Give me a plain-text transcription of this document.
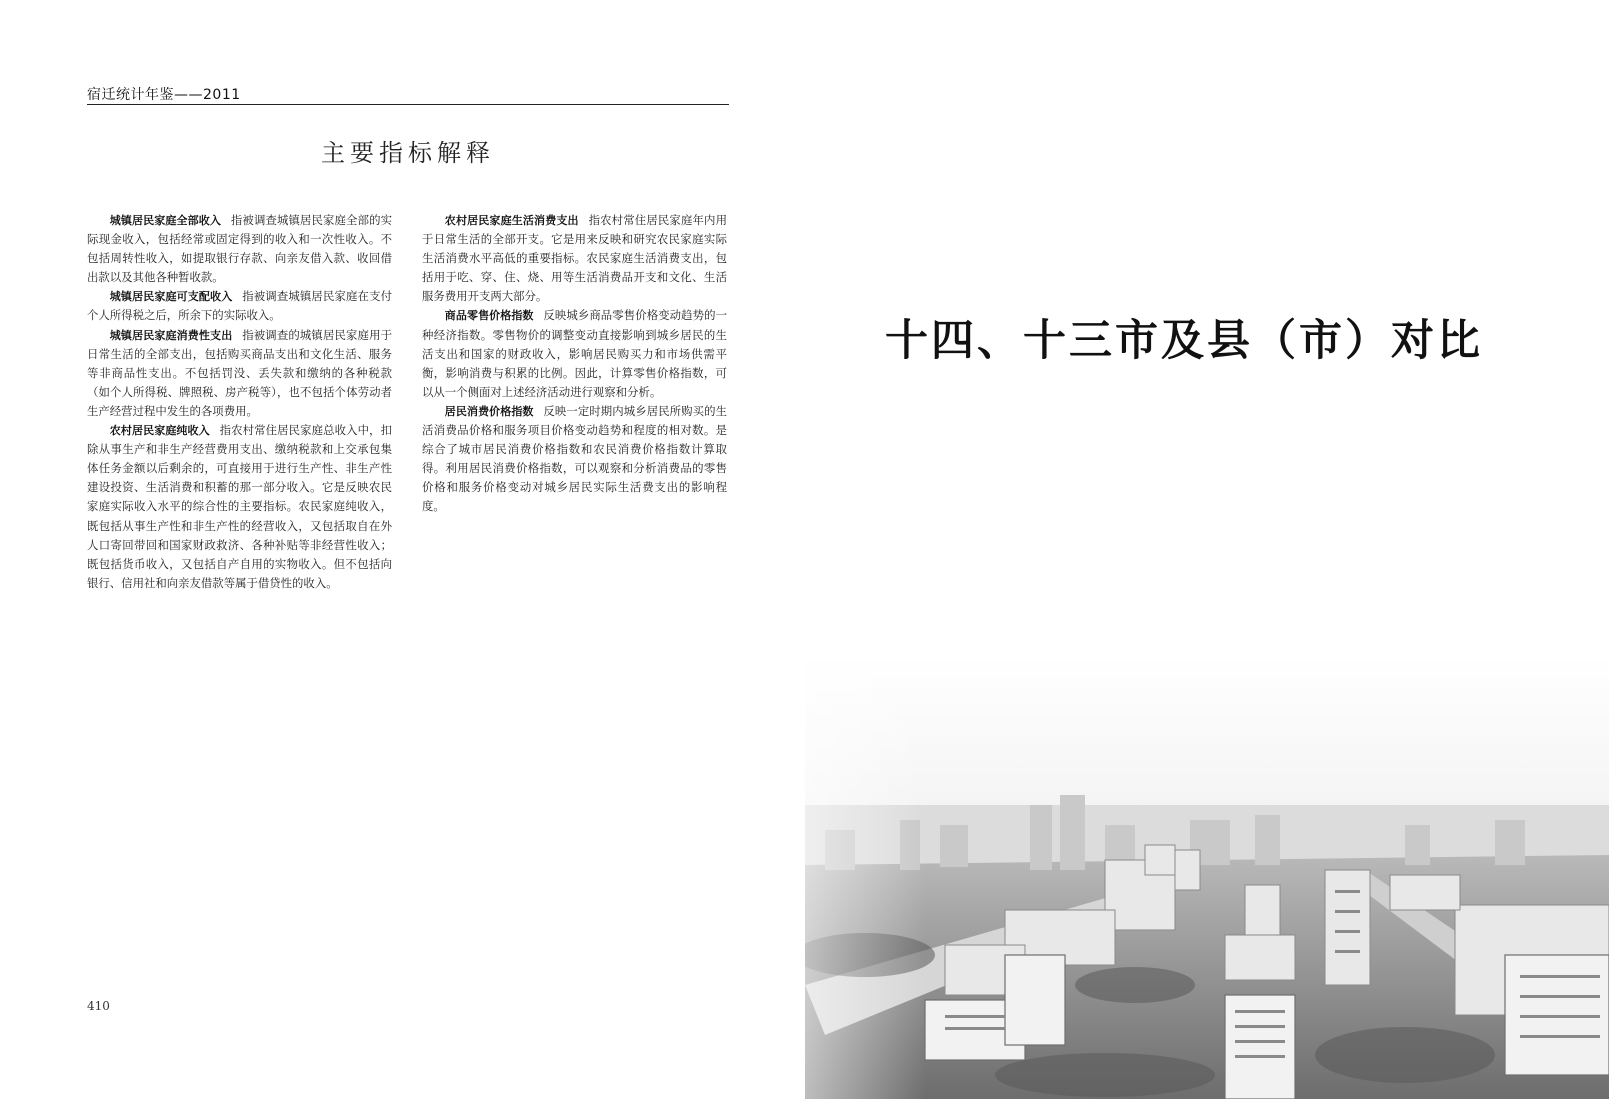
宿迁统计年鉴——2011
主要指标解释

城镇居民家庭全部收入 指被调查城镇居民家庭全部的实际现金收入，包括经常或固定得到的收入和一次性收入。不包括周转性收入，如提取银行存款、向亲友借入款、收回借出款以及其他各种暂收款。

城镇居民家庭可支配收入 指被调查城镇居民家庭在支付个人所得税之后，所余下的实际收入。

城镇居民家庭消费性支出 指被调查的城镇居民家庭用于日常生活的全部支出，包括购买商品支出和文化生活、服务等非商品性支出。不包括罚没、丢失款和缴纳的各种税款（如个人所得税、牌照税、房产税等），也不包括个体劳动者生产经营过程中发生的各项费用。

农村居民家庭纯收入 指农村常住居民家庭总收入中，扣除从事生产和非生产经营费用支出、缴纳税款和上交承包集体任务金额以后剩余的，可直接用于进行生产性、非生产性建设投资、生活消费和积蓄的那一部分收入。它是反映农民家庭实际收入水平的综合性的主要指标。农民家庭纯收入，既包括从事生产性和非生产性的经营收入，又包括取自在外人口寄回带回和国家财政救济、各种补贴等非经营性收入；既包括货币收入，又包括自产自用的实物收入。但不包括向银行、信用社和向亲友借款等属于借贷性的收入。

农村居民家庭生活消费支出 指农村常住居民家庭年内用于日常生活的全部开支。它是用来反映和研究农民家庭实际生活消费水平高低的重要指标。农民家庭生活消费支出，包括用于吃、穿、住、烧、用等生活消费品开支和文化、生活服务费用开支两大部分。

商品零售价格指数 反映城乡商品零售价格变动趋势的一种经济指数。零售物价的调整变动直接影响到城乡居民的生活支出和国家的财政收入，影响居民购买力和市场供需平衡，影响消费与积累的比例。因此，计算零售价格指数，可以从一个侧面对上述经济活动进行观察和分析。

居民消费价格指数 反映一定时期内城乡居民所购买的生活消费品价格和服务项目价格变动趋势和程度的相对数。是综合了城市居民消费价格指数和农民消费价格指数计算取得。利用居民消费价格指数，可以观察和分析消费品的零售价格和服务价格变动对城乡居民实际生活费支出的影响程度。

410
十四、十三市及县（市）对比
